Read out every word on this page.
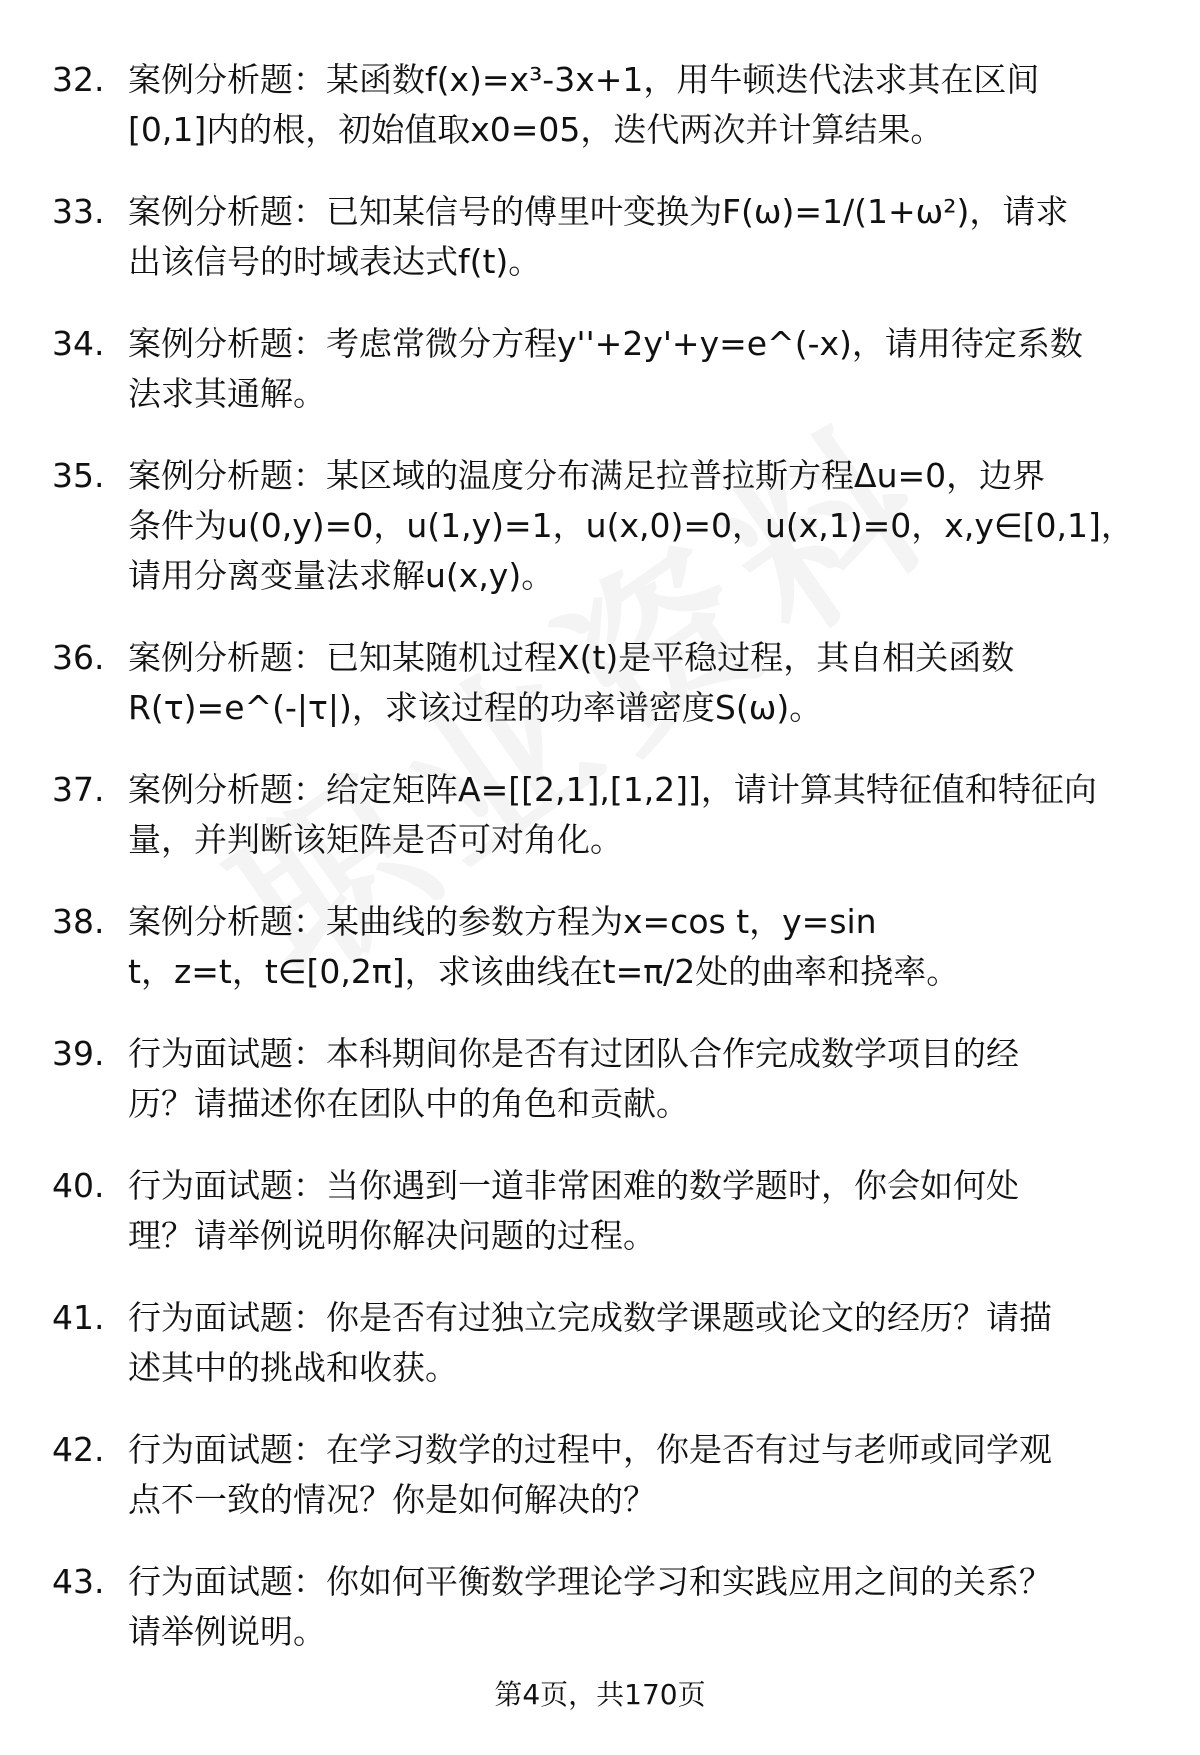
32. 案例分析题：某函数f(x)=x³-3x+1，用牛顿迭代法求其在区间
[0,1]内的根，初始值取x0=05，迭代两次并计算结果。
33. 案例分析题：已知某信号的傅里叶变换为F(ω)=1/(1+ω²)，请求
出该信号的时域表达式f(t)。
34. 案例分析题：考虑常微分方程y''+2y'+y=e^(-x)，请用待定系数
法求其通解。
35. 案例分析题：某区域的温度分布满足拉普拉斯方程Δu=0，边界
条件为u(0,y)=0，u(1,y)=1，u(x,0)=0，u(x,1)=0，x,y∈[0,1]，
请用分离变量法求解u(x,y)。
36. 案例分析题：已知某随机过程X(t)是平稳过程，其自相关函数
R(τ)=e^(-|τ|)，求该过程的功率谱密度S(ω)。
37. 案例分析题：给定矩阵A=[[2,1],[1,2]]，请计算其特征值和特征向
量，并判断该矩阵是否可对角化。
38. 案例分析题：某曲线的参数方程为x=cos t，y=sin
t，z=t，t∈[0,2π]，求该曲线在t=π/2处的曲率和挠率。
39. 行为面试题：本科期间你是否有过团队合作完成数学项目的经
历？请描述你在团队中的角色和贡献。
40. 行为面试题：当你遇到一道非常困难的数学题时，你会如何处
理？请举例说明你解决问题的过程。
41. 行为面试题：你是否有过独立完成数学课题或论文的经历？请描
述其中的挑战和收获。
42. 行为面试题：在学习数学的过程中，你是否有过与老师或同学观
点不一致的情况？你是如何解决的？
43. 行为面试题：你如何平衡数学理论学习和实践应用之间的关系？
请举例说明。
第4页，共170页
